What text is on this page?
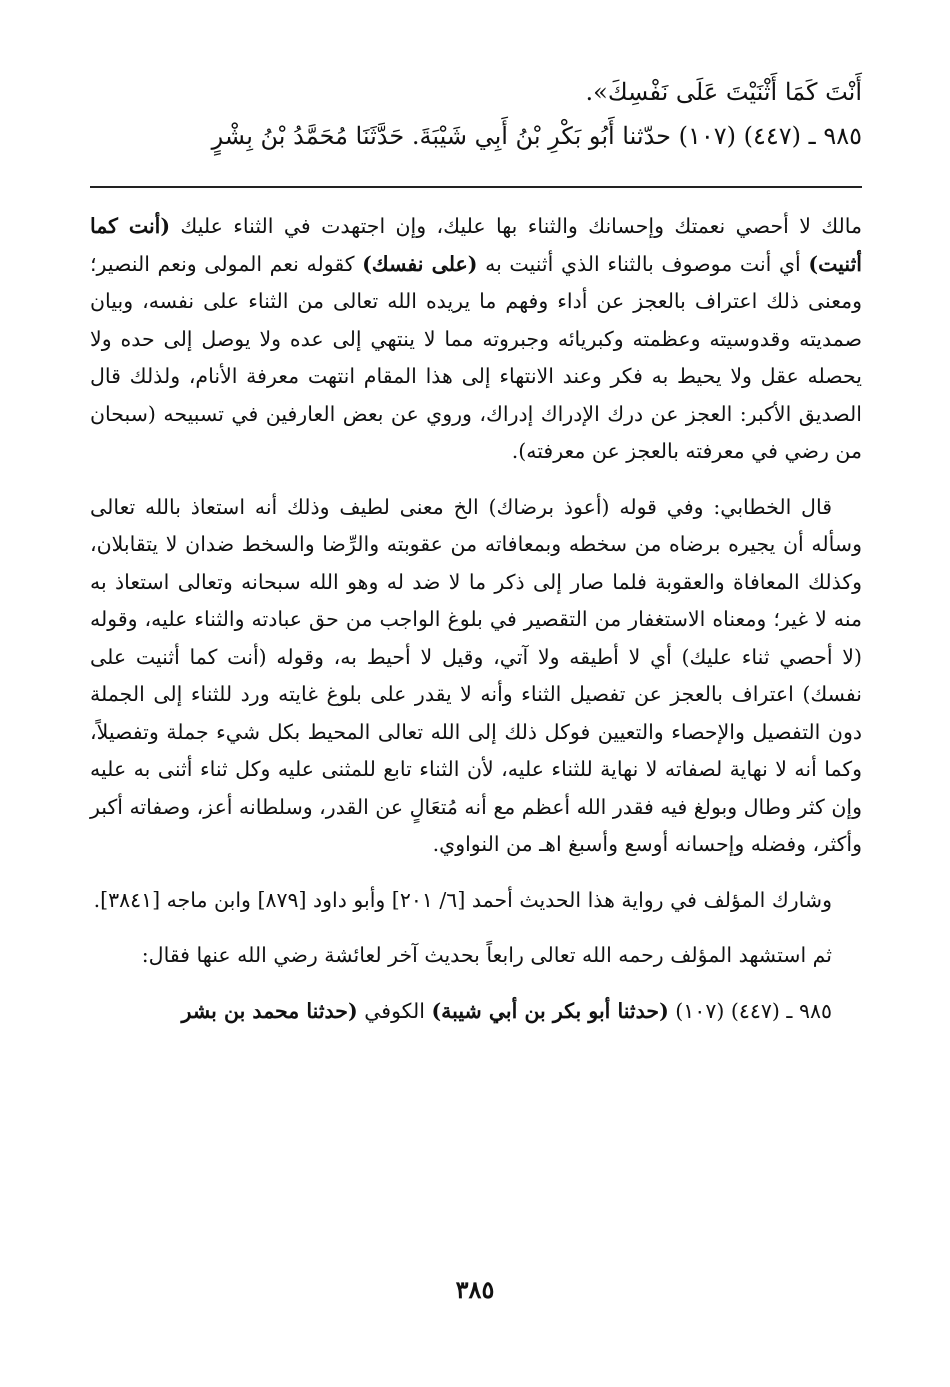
أَنْتَ كَمَا أَثْنَيْتَ عَلَى نَفْسِكَ».

٩٨٥ ـ (٤٤٧) (١٠٧) حدّثنا أَبُو بَكْرِ بْنُ أَبِي شَيْبَةَ. حَدَّثَنَا مُحَمَّدُ بْنُ بِشْرٍ

مالك لا أحصي نعمتك وإحسانك والثناء بها عليك، وإن اجتهدت في الثناء عليك (أنت كما أثنيت) أي أنت موصوف بالثناء الذي أثنيت به (على نفسك) كقوله نعم المولى ونعم النصير؛ ومعنى ذلك اعتراف بالعجز عن أداء وفهم ما يريده الله تعالى من الثناء على نفسه، وبيان صمديته وقدوسيته وعظمته وكبريائه وجبروته مما لا ينتهي إلى عده ولا يوصل إلى حده ولا يحصله عقل ولا يحيط به فكر وعند الانتهاء إلى هذا المقام انتهت معرفة الأنام، ولذلك قال الصديق الأكبر: العجز عن درك الإدراك إدراك، وروي عن بعض العارفين في تسبيحه (سبحان من رضي في معرفته بالعجز عن معرفته).

قال الخطابي: وفي قوله (أعوذ برضاك) الخ معنى لطيف وذلك أنه استعاذ بالله تعالى وسأله أن يجيره برضاه من سخطه وبمعافاته من عقوبته والرِّضا والسخط ضدان لا يتقابلان، وكذلك المعافاة والعقوبة فلما صار إلى ذكر ما لا ضد له وهو الله سبحانه وتعالى استعاذ به منه لا غير؛ ومعناه الاستغفار من التقصير في بلوغ الواجب من حق عبادته والثناء عليه، وقوله (لا أحصي ثناء عليك) أي لا أطيقه ولا آتي، وقيل لا أحيط به، وقوله (أنت كما أثنيت على نفسك) اعتراف بالعجز عن تفصيل الثناء وأنه لا يقدر على بلوغ غايته ورد للثناء إلى الجملة دون التفصيل والإحصاء والتعيين فوكل ذلك إلى الله تعالى المحيط بكل شيء جملة وتفصيلاً، وكما أنه لا نهاية لصفاته لا نهاية للثناء عليه، لأن الثناء تابع للمثنى عليه وكل ثناء أثنى به عليه وإن كثر وطال وبولغ فيه فقدر الله أعظم مع أنه مُتعَالٍ عن القدر، وسلطانه أعز، وصفاته أكبر وأكثر، وفضله وإحسانه أوسع وأسبغ اهـ من النواوي.

وشارك المؤلف في رواية هذا الحديث أحمد [٦/ ٢٠١] وأبو داود [٨٧٩] وابن ماجه [٣٨٤١].

ثم استشهد المؤلف رحمه الله تعالى رابعاً بحديث آخر لعائشة رضي الله عنها فقال:

٩٨٥ ـ (٤٤٧) (١٠٧) (حدثنا أبو بكر بن أبي شيبة) الكوفي (حدثنا محمد بن بشر

٣٨٥
